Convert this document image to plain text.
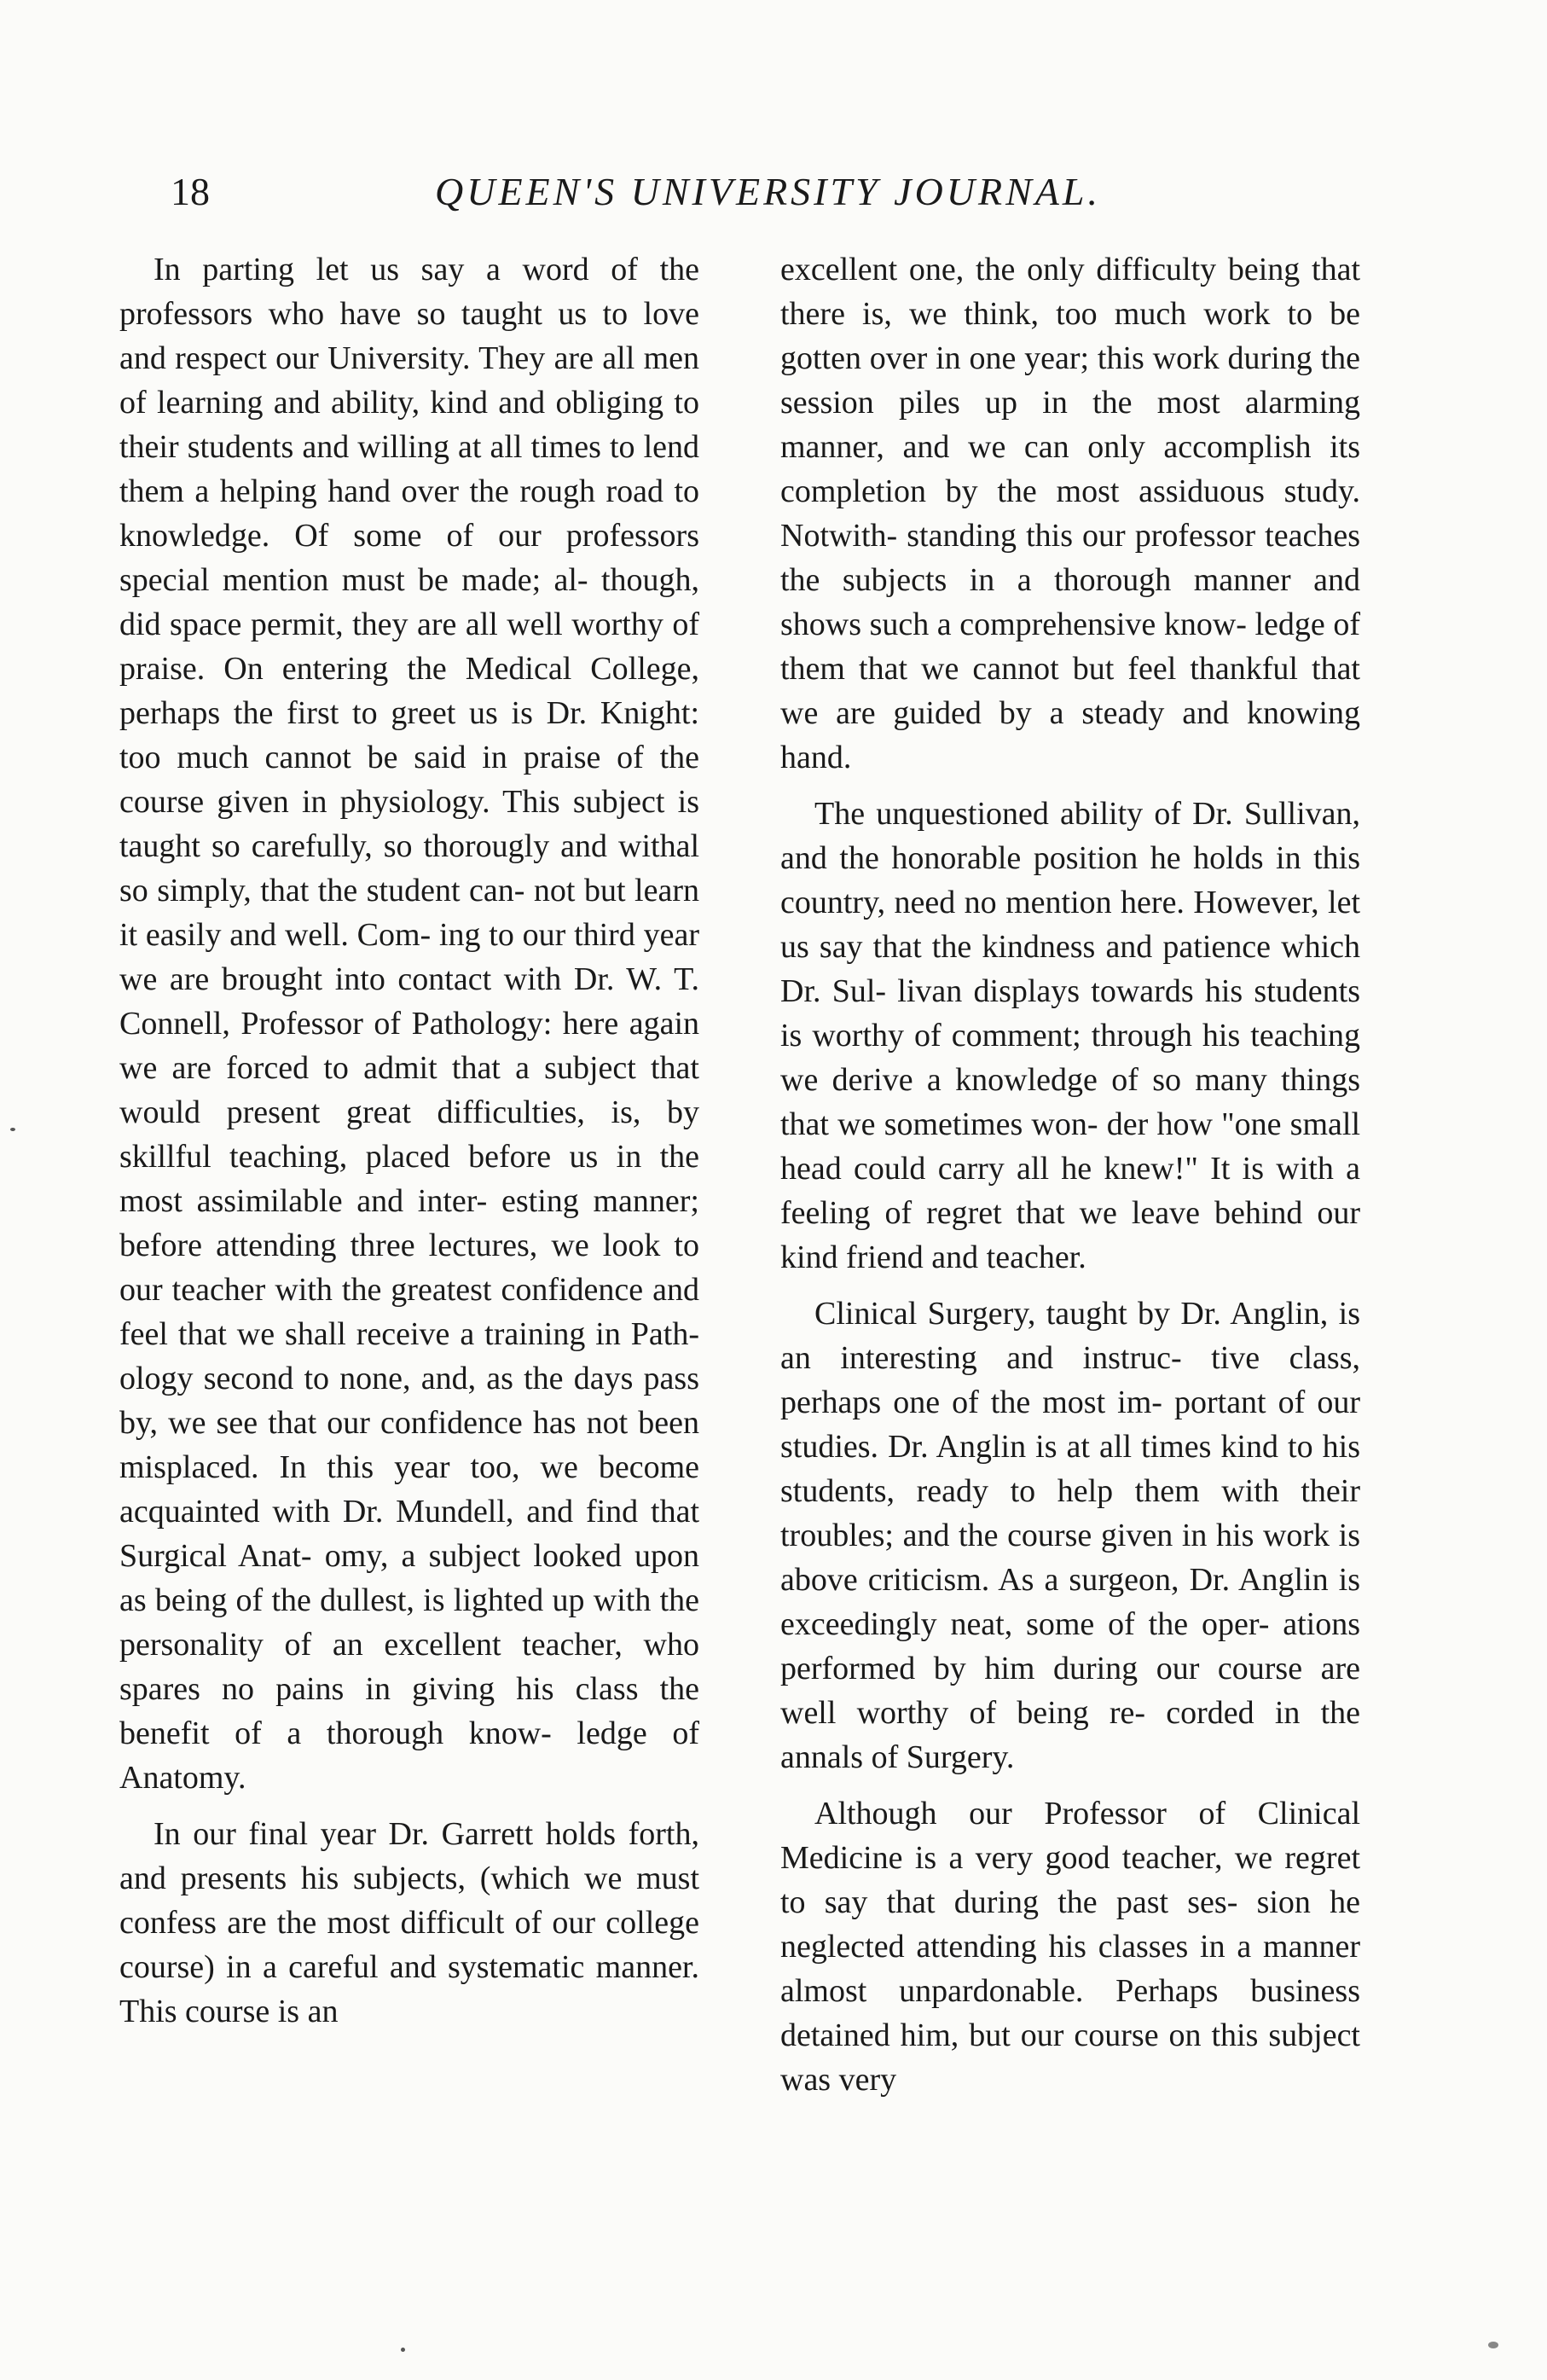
18	QUEEN'S UNIVERSITY JOURNAL.

In parting let us say a word of the professors who have so taught us to love and respect our University. They are all men of learning and ability, kind and obliging to their students and willing at all times to lend them a helping hand over the rough road to knowledge. Of some of our professors special mention must be made; al- though, did space permit, they are all well worthy of praise. On entering the Medical College, perhaps the first to greet us is Dr. Knight: too much cannot be said in praise of the course given in physiology. This subject is taught so carefully, so thorougly and withal so simply, that the student can- not but learn it easily and well. Com- ing to our third year we are brought into contact with Dr. W. T. Connell, Professor of Pathology: here again we are forced to admit that a subject that would present great difficulties, is, by skillful teaching, placed before us in the most assimilable and inter- esting manner; before attending three lectures, we look to our teacher with the greatest confidence and feel that we shall receive a training in Path- ology second to none, and, as the days pass by, we see that our confidence has not been misplaced. In this year too, we become acquainted with Dr. Mundell, and find that Surgical Anat- omy, a subject looked upon as being of the dullest, is lighted up with the personality of an excellent teacher, who spares no pains in giving his class the benefit of a thorough know- ledge of Anatomy.

In our final year Dr. Garrett holds forth, and presents his subjects, (which we must confess are the most difficult of our college course) in a careful and systematic manner. This course is an

excellent one, the only difficulty being that there is, we think, too much work to be gotten over in one year; this work during the session piles up in the most alarming manner, and we can only accomplish its completion by the most assiduous study. Notwith- standing this our professor teaches the subjects in a thorough manner and shows such a comprehensive know- ledge of them that we cannot but feel thankful that we are guided by a steady and knowing hand.

The unquestioned ability of Dr. Sullivan, and the honorable position he holds in this country, need no mention here. However, let us say that the kindness and patience which Dr. Sul- livan displays towards his students is worthy of comment; through his teaching we derive a knowledge of so many things that we sometimes won- der how "one small head could carry all he knew!" It is with a feeling of regret that we leave behind our kind friend and teacher.

Clinical Surgery, taught by Dr. Anglin, is an interesting and instruc- tive class, perhaps one of the most im- portant of our studies. Dr. Anglin is at all times kind to his students, ready to help them with their troubles; and the course given in his work is above criticism. As a surgeon, Dr. Anglin is exceedingly neat, some of the oper- ations performed by him during our course are well worthy of being re- corded in the annals of Surgery.

Although our Professor of Clinical Medicine is a very good teacher, we regret to say that during the past ses- sion he neglected attending his classes in a manner almost unpardonable. Perhaps business detained him, but our course on this subject was very
